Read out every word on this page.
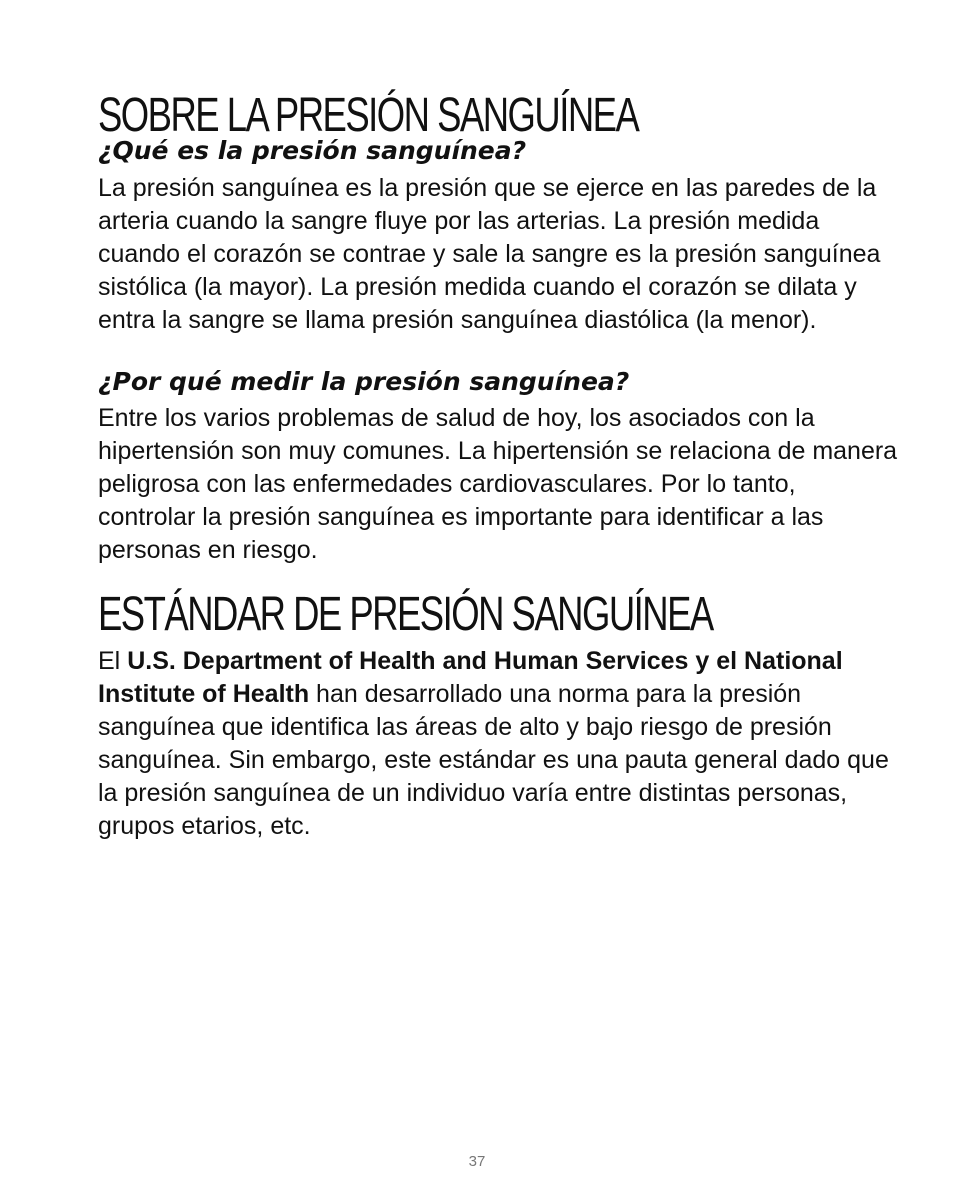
SOBRE LA PRESIÓN SANGUÍNEA
¿Qué es la presión sanguínea?

La presión sanguínea es la presión que se ejerce en las paredes de la arteria cuando la sangre fluye por las arterias. La presión medida cuando el corazón se contrae y sale la sangre es la presión sanguínea sistólica (la mayor). La presión medida cuando el corazón se dilata y entra la sangre se llama presión sanguínea diastólica (la menor).

¿Por qué medir la presión sanguínea?

Entre los varios problemas de salud de hoy, los asociados con la hipertensión son muy comunes. La hipertensión se relaciona de manera peligrosa con las enfermedades cardiovasculares. Por lo tanto, controlar la presión sanguínea es importante para identificar a las personas en riesgo.

ESTÁNDAR DE PRESIÓN SANGUÍNEA

El U.S. Department of Health and Human Services y el National Institute of Health han desarrollado una norma para la presión sanguínea que identifica las áreas de alto y bajo riesgo de presión sanguínea. Sin embargo, este estándar es una pauta general dado que la presión sanguínea de un individuo varía entre distintas personas, grupos etarios, etc.

37
